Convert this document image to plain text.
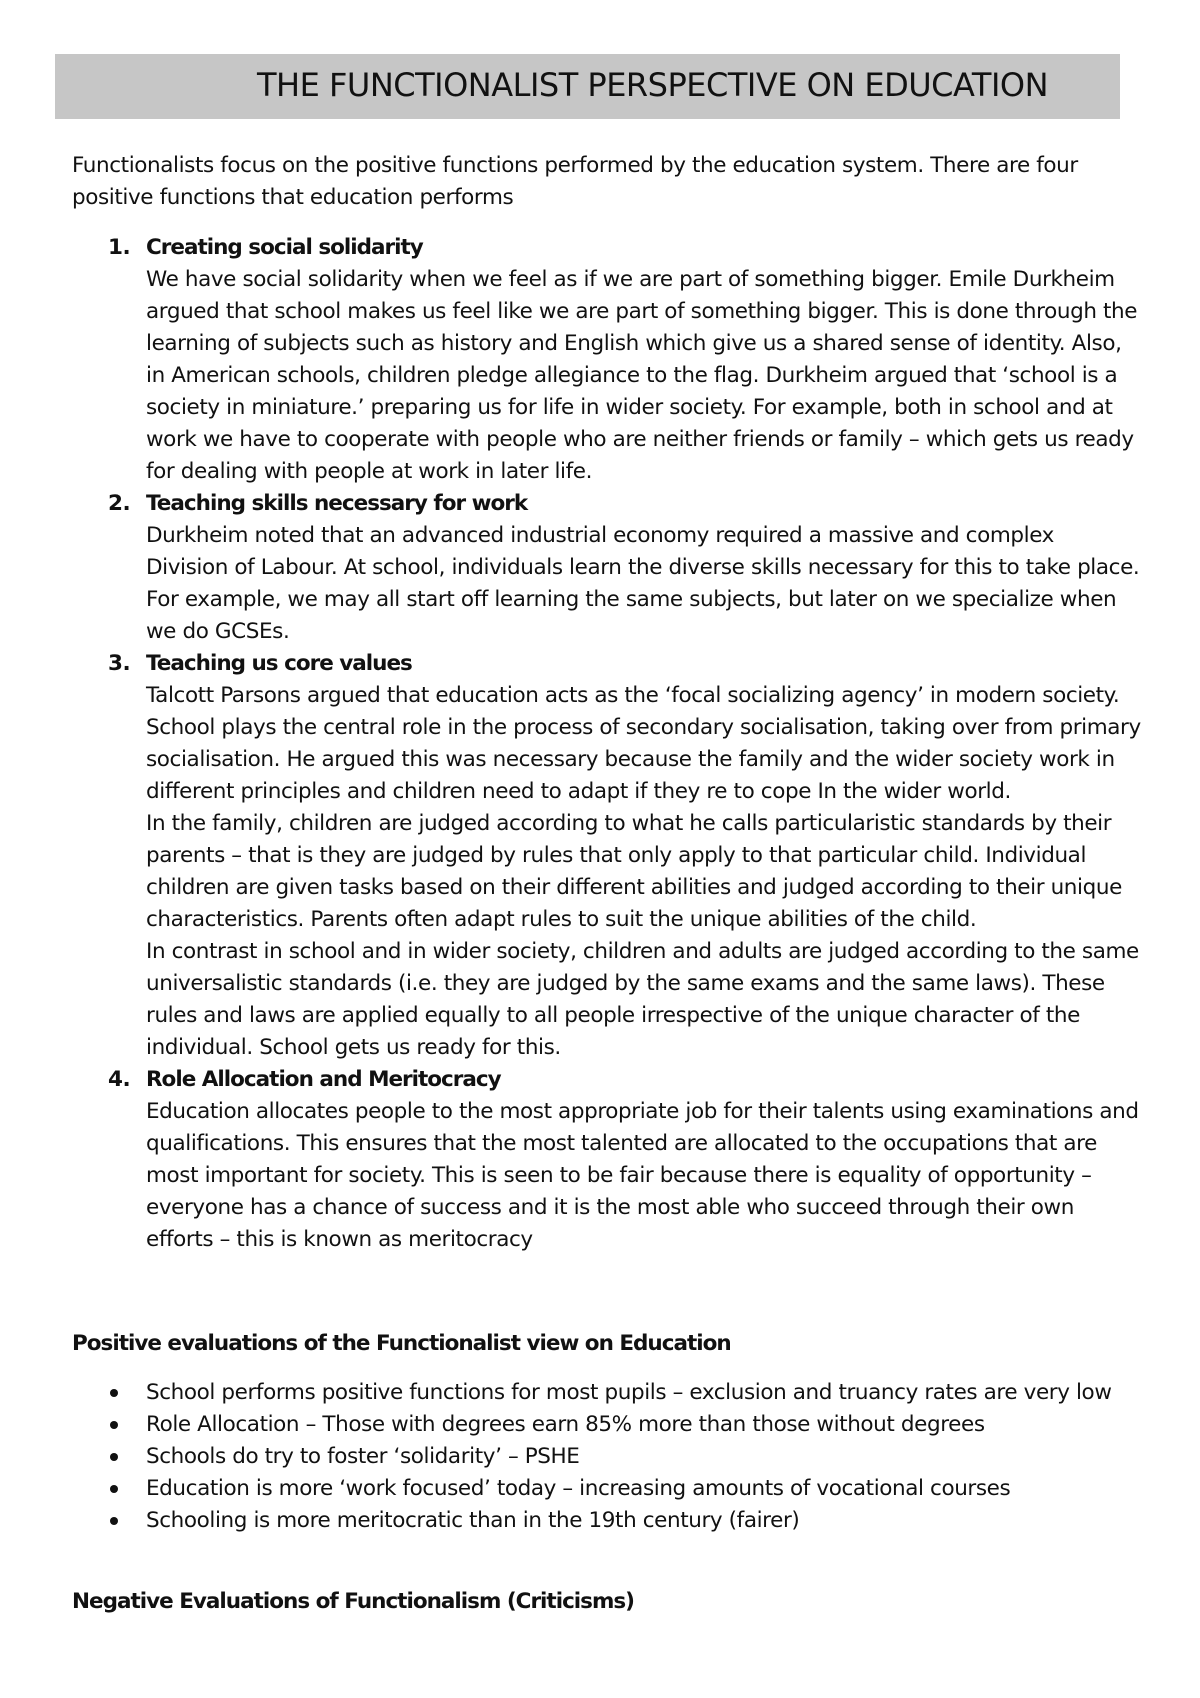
THE FUNCTIONALIST PERSPECTIVE ON EDUCATION

Functionalists focus on the positive functions performed by the education system. There are four positive functions that education performs

1. Creating social solidarity
We have social solidarity when we feel as if we are part of something bigger. Emile Durkheim argued that school makes us feel like we are part of something bigger. This is done through the learning of subjects such as history and English which give us a shared sense of identity. Also, in American schools, children pledge allegiance to the flag. Durkheim argued that ‘school is a society in miniature.’ preparing us for life in wider society. For example, both in school and at work we have to cooperate with people who are neither friends or family – which gets us ready for dealing with people at work in later life.
2. Teaching skills necessary for work
Durkheim noted that an advanced industrial economy required a massive and complex Division of Labour. At school, individuals learn the diverse skills necessary for this to take place. For example, we may all start off learning the same subjects, but later on we specialize when we do GCSEs.
3. Teaching us core values
Talcott Parsons argued that education acts as the ‘focal socializing agency’ in modern society. School plays the central role in the process of secondary socialisation, taking over from primary socialisation. He argued this was necessary because the family and the wider society work in different principles and children need to adapt if they re to cope In the wider world.
In the family, children are judged according to what he calls particularistic standards by their parents – that is they are judged by rules that only apply to that particular child. Individual children are given tasks based on their different abilities and judged according to their unique characteristics. Parents often adapt rules to suit the unique abilities of the child.
In contrast in school and in wider society, children and adults are judged according to the same universalistic standards (i.e. they are judged by the same exams and the same laws). These rules and laws are applied equally to all people irrespective of the unique character of the individual. School gets us ready for this.
4. Role Allocation and Meritocracy
Education allocates people to the most appropriate job for their talents using examinations and qualifications. This ensures that the most talented are allocated to the occupations that are most important for society. This is seen to be fair because there is equality of opportunity – everyone has a chance of success and it is the most able who succeed through their own efforts – this is known as meritocracy
Positive evaluations of the Functionalist view on Education
School performs positive functions for most pupils – exclusion and truancy rates are very low
Role Allocation – Those with degrees earn 85% more than those without degrees
Schools do try to foster ‘solidarity’ – PSHE
Education is more ‘work focused’ today – increasing amounts of vocational courses
Schooling is more meritocratic than in the 19th century (fairer)
Negative Evaluations of Functionalism (Criticisms)
